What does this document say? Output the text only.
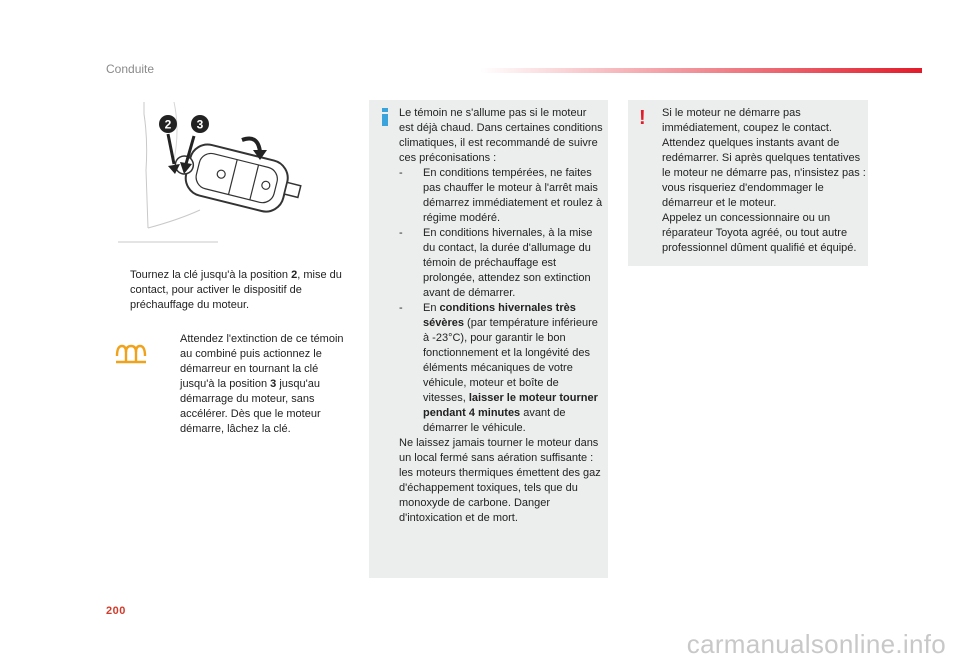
Conduite
2 3
Tournez la clé jusqu'à la position 2, mise du contact, pour activer le dispositif de préchauffage du moteur.
Attendez l'extinction de ce témoin au combiné puis actionnez le démarreur en tournant la clé jusqu'à la position 3 jusqu'au démarrage du moteur, sans accélérer. Dès que le moteur démarre, lâchez la clé.

Le témoin ne s'allume pas si le moteur est déjà chaud. Dans certaines conditions climatiques, il est recommandé de suivre ces préconisations :

- En conditions tempérées, ne faites pas chauffer le moteur à l'arrêt mais démarrez immédiatement et roulez à régime modéré.

- En conditions hivernales, à la mise du contact, la durée d'allumage du témoin de préchauffage est prolongée, attendez son extinction avant de démarrer.

- En conditions hivernales très sévères (par température inférieure à -23°C), pour garantir le bon fonctionnement et la longévité des éléments mécaniques de votre véhicule, moteur et boîte de vitesses, laisser le moteur tourner pendant 4 minutes avant de démarrer le véhicule.

Ne laissez jamais tourner le moteur dans un local fermé sans aération suffisante : les moteurs thermiques émettent des gaz d'échappement toxiques, tels que du monoxyde de carbone. Danger d'intoxication et de mort.

! Si le moteur ne démarre pas immédiatement, coupez le contact. Attendez quelques instants avant de redémarrer. Si après quelques tentatives le moteur ne démarre pas, n'insistez pas : vous risqueriez d'endommager le démarreur et le moteur.

Appelez un concessionnaire ou un réparateur Toyota agréé, ou tout autre professionnel dûment qualifié et équipé.

200
carmanualsonline.info
